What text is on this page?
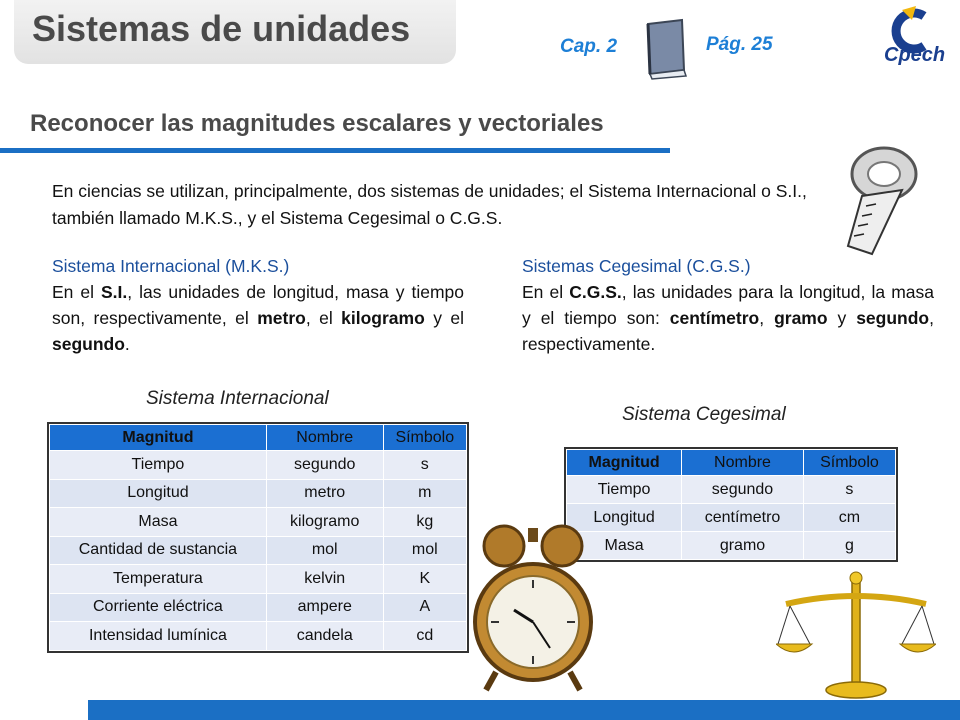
Sistemas de unidades	Cap. 2	Pág. 25	Cpech
Reconocer las magnitudes escalares y vectoriales
En ciencias se utilizan, principalmente, dos sistemas de unidades; el Sistema Internacional o S.I., también llamado M.K.S., y el Sistema Cegesimal o C.G.S.
Sistema Internacional (M.K.S.)
En el S.I., las unidades de longitud, masa y tiempo son, respectivamente, el metro, el kilogramo y el segundo.
Sistemas Cegesimal (C.G.S.)
En el C.G.S., las unidades para la longitud, la masa y el tiempo son: centímetro, gramo y segundo, respectivamente.
Sistema Internacional
Sistema Cegesimal
Magnitud	Nombre	Símbolo
Tiempo	segundo	s
Longitud	metro	m
Masa	kilogramo	kg
Cantidad de sustancia	mol	mol
Temperatura	kelvin	K
Corriente eléctrica	ampere	A
Intensidad lumínica	candela	cd
Magnitud	Nombre	Símbolo
Tiempo	segundo	s
Longitud	centímetro	cm
Masa	gramo	g
